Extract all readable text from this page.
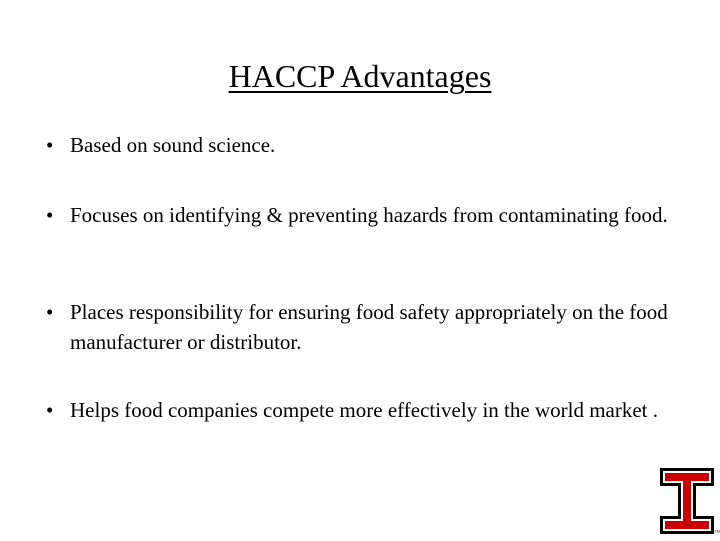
HACCP Advantages
• Based on sound science.
• Focuses on identifying & preventing hazards from contaminating food.
• Places responsibility for ensuring food safety appropriately on the food manufacturer or distributor.
• Helps food companies compete more effectively in the world market .
™
